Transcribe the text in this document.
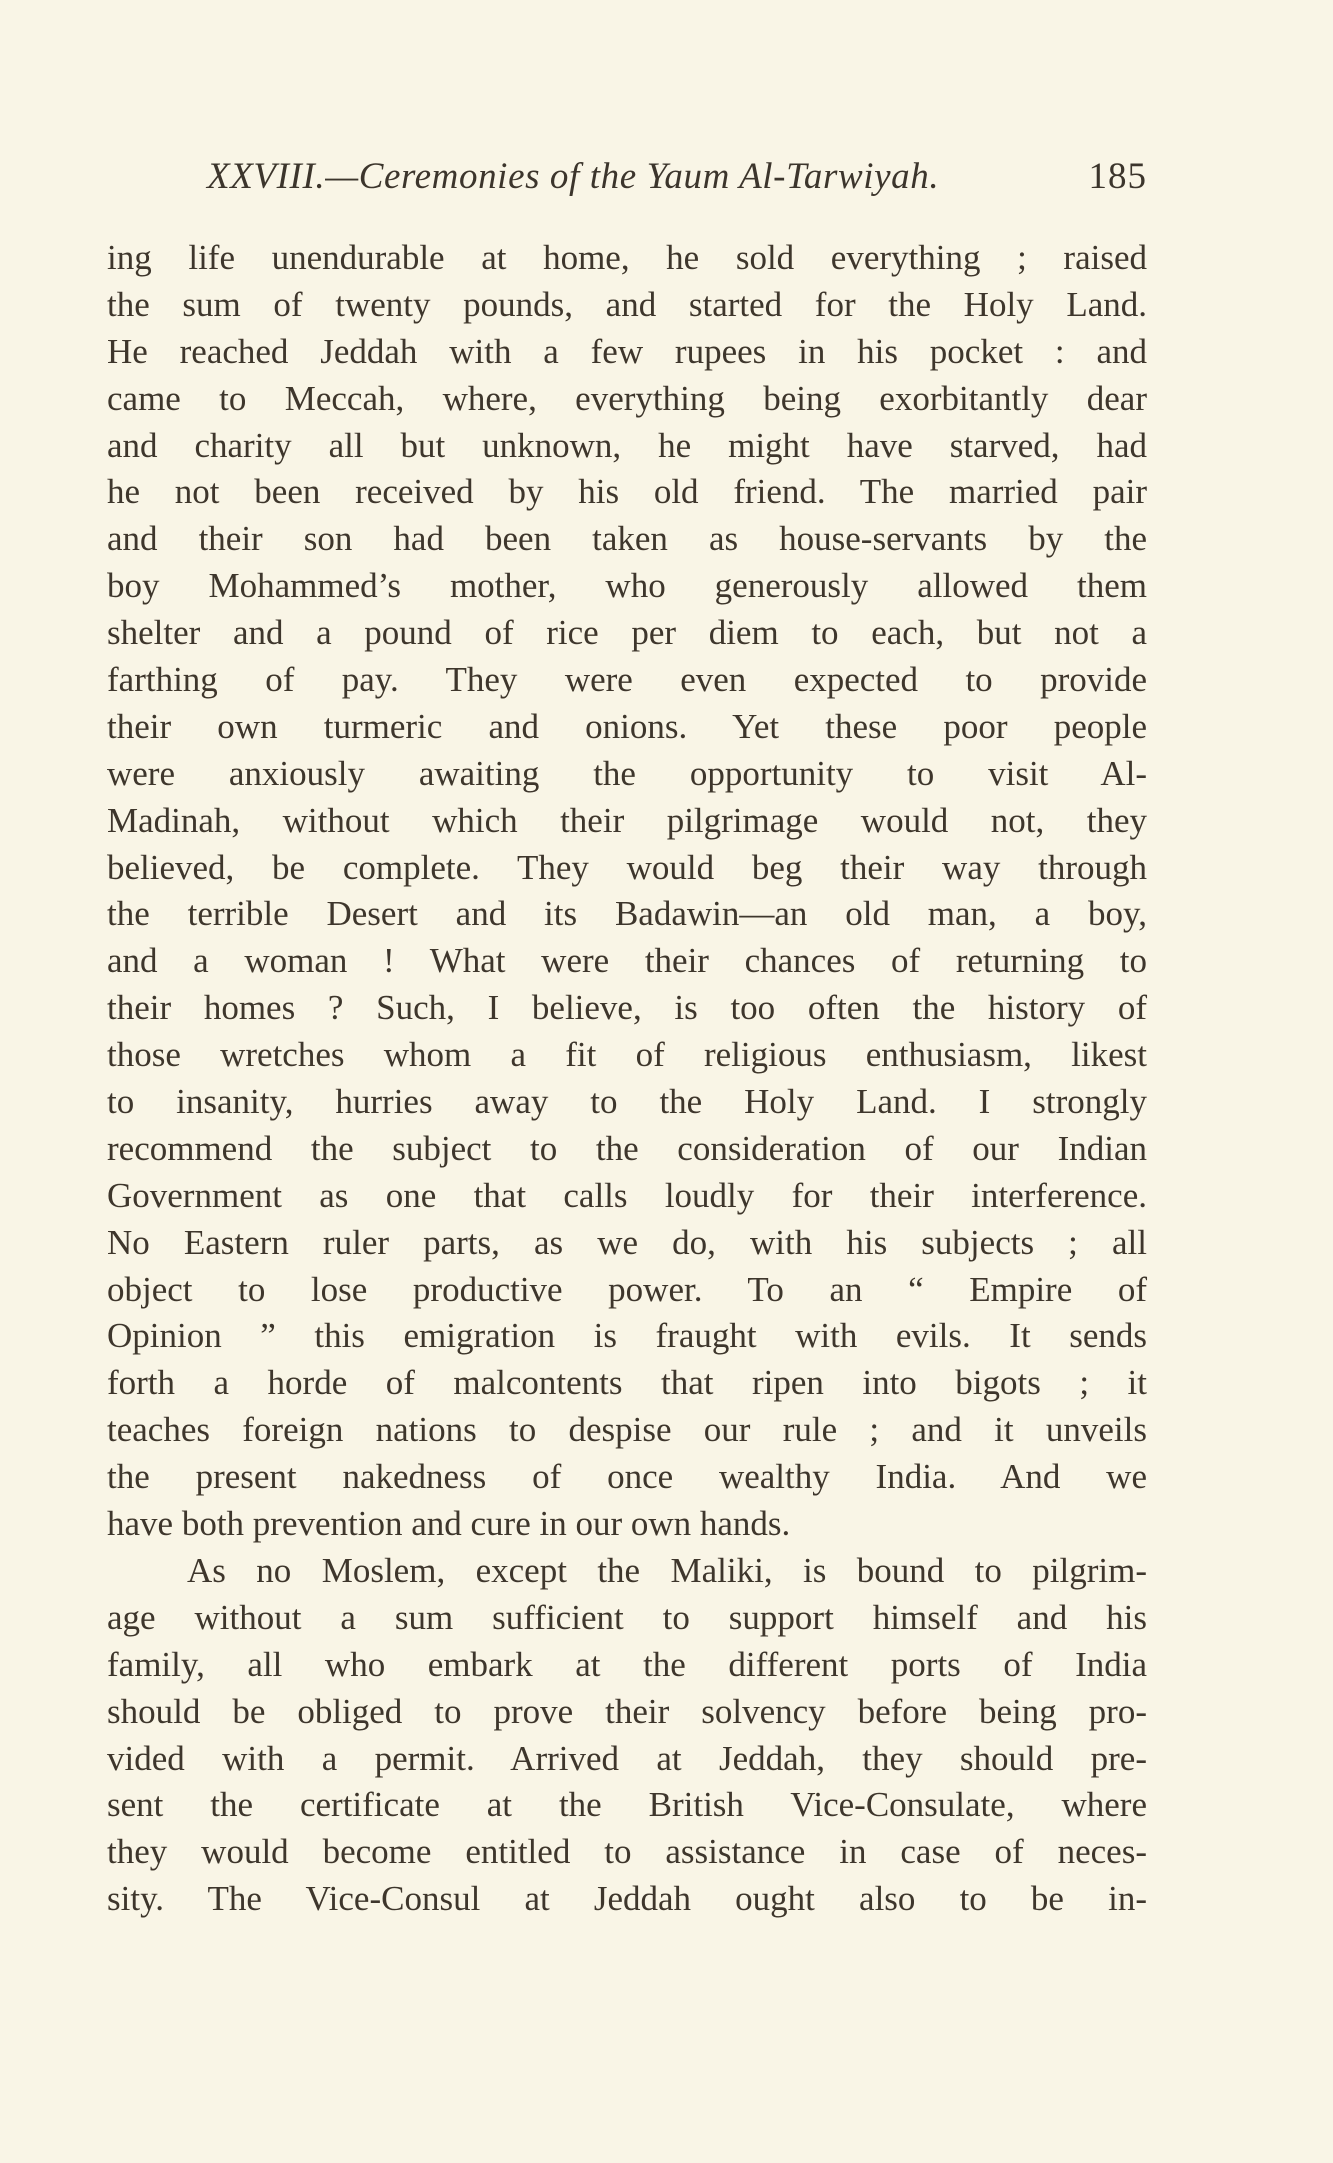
XXVIII.—Ceremonies of the Yaum Al-Tarwiyah.	185
ing life unendurable at home, he sold everything ; raised
the sum of twenty pounds, and started for the Holy Land.
He reached Jeddah with a few rupees in his pocket : and
came to Meccah, where, everything being exorbitantly dear
and charity all but unknown, he might have starved, had
he not been received by his old friend. The married pair
and their son had been taken as house-servants by the
boy Mohammed’s mother, who generously allowed them
shelter and a pound of rice per diem to each, but not a
farthing of pay. They were even expected to provide
their own turmeric and onions. Yet these poor people
were anxiously awaiting the opportunity to visit Al-
Madinah, without which their pilgrimage would not, they
believed, be complete. They would beg their way through
the terrible Desert and its Badawin—an old man, a boy,
and a woman ! What were their chances of returning to
their homes ? Such, I believe, is too often the history of
those wretches whom a fit of religious enthusiasm, likest
to insanity, hurries away to the Holy Land. I strongly
recommend the subject to the consideration of our Indian
Government as one that calls loudly for their interference.
No Eastern ruler parts, as we do, with his subjects ; all
object to lose productive power. To an “ Empire of
Opinion ” this emigration is fraught with evils. It sends
forth a horde of malcontents that ripen into bigots ; it
teaches foreign nations to despise our rule ; and it unveils
the present nakedness of once wealthy India. And we
have both prevention and cure in our own hands.
As no Moslem, except the Maliki, is bound to pilgrim-
age without a sum sufficient to support himself and his
family, all who embark at the different ports of India
should be obliged to prove their solvency before being pro-
vided with a permit. Arrived at Jeddah, they should pre-
sent the certificate at the British Vice-Consulate, where
they would become entitled to assistance in case of neces-
sity. The Vice-Consul at Jeddah ought also to be in-
